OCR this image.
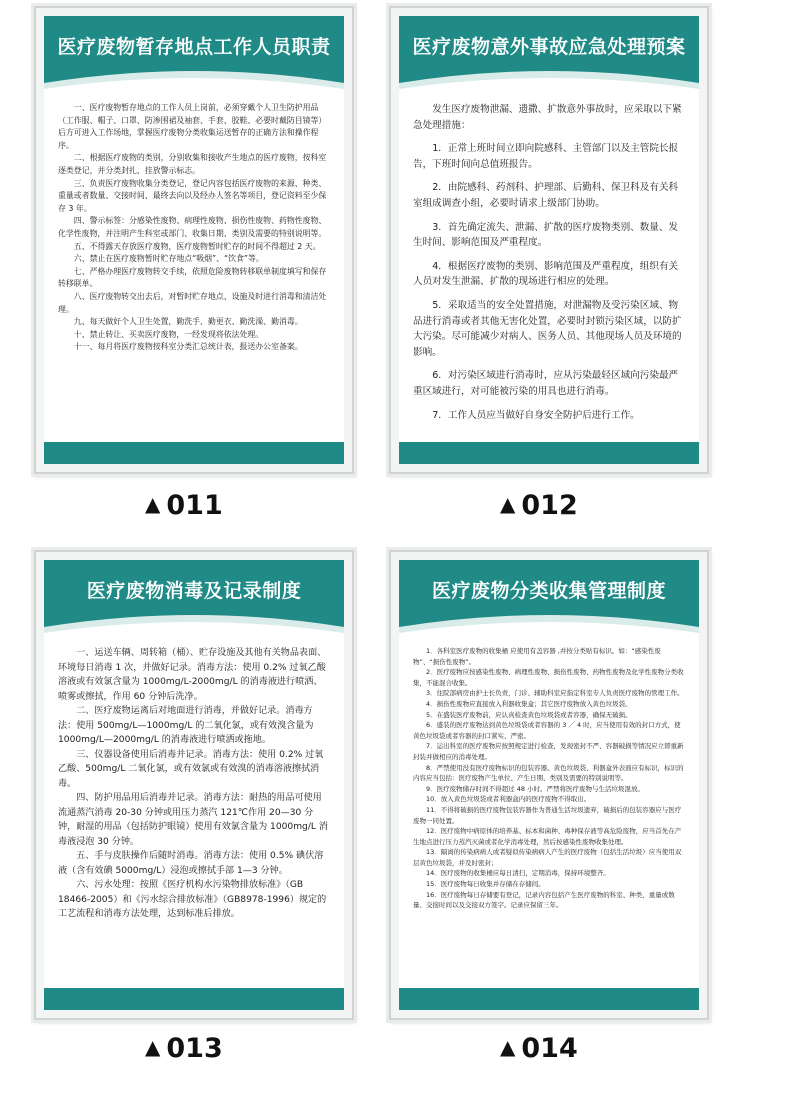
医疗废物暂存地点工作人员职责

一、医疗废物暂存地点的工作人员上岗前，必须穿戴个人卫生防护用品（工作服、帽子、口罩、防渗围裙及袖套、手套、胶鞋、必要时戴防目镜等）后方可进入工作场地，掌握医疗废物分类收集运送暂存的正确方法和操作程序。

二、根据医疗废物的类别，分别收集和接收产生地点的医疗废物，按科室逐类登记，并分类封扎，挂放警示标志。

三、负责医疗废物收集分类登记，登记内容包括医疗废物的来源、种类、重量或者数量、交接时间、最终去向以及经办人签名等项目，登记资料至少保存 3 年。

四、警示标签：分感染性废物、病理性废物、损伤性废物、药物性废物、化学性废物，并注明产生科室或部门、收集日期、类别及需要的特别说明等。

五、不得露天存放医疗废物，医疗废物暂时贮存的时间不得超过 2 天。

六、禁止在医疗废物暂时贮存地点“吸烟”、“饮食”等。

七、严格办理医疗废物转交手续，依照危险废物转移联单制度填写和保存转移联单。

八、医疗废物转交出去后，对暂时贮存地点、设施及时进行消毒和清洁处理。

九、每天做好个人卫生处置，勤洗手、勤更衣、勤洗澡、勤消毒。

十、禁止转让、买卖医疗废物，一经发现将依法处理。

十一、每月将医疗废物按科室分类汇总统计表，报送办公室备案。

医疗废物意外事故应急处理预案

发生医疗废物泄漏、遗撒、扩散意外事故时，应采取以下紧急处理措施：

1．正常上班时间立即向院感科、主管部门以及主管院长报告，下班时间向总值班报告。

2．由院感科、药剂科、护理部、后勤科、保卫科及有关科室组成调查小组，必要时请求上级部门协助。

3．首先确定流失、泄漏、扩散的医疗废物类别、数量、发生时间、影响范围及严重程度。

4．根据医疗废物的类别、影响范围及严重程度，组织有关人员对发生泄漏、扩散的现场进行相应的处理。

5．采取适当的安全处置措施，对泄漏物及受污染区域、物品进行消毒或者其他无害化处置，必要时封锁污染区域，以防扩大污染。尽可能减少对病人、医务人员、其他现场人员及环境的影响。

6．对污染区域进行消毒时，应从污染最轻区域向污染最严重区域进行，对可能被污染的用具也进行消毒。

7．工作人员应当做好自身安全防护后进行工作。

医疗废物消毒及记录制度

一、运送车辆、周转箱（桶）、贮存设施及其他有关物品表面、环境每日消毒 1 次，并做好记录。消毒方法：使用 0.2% 过氧乙酸溶液或有效氯含量为 1000mg/L-2000mg/L 的消毒液进行喷洒、喷雾或擦拭，作用 60 分钟后洗净。

二、医疗废物运离后对地面进行消毒，并做好记录。消毒方法：使用 500mg/L—1000mg/L 的二氧化氯，或有效溴含量为 1000mg/L—2000mg/L 的消毒液进行喷洒或拖地。

三、仪器设备使用后消毒并记录。消毒方法：使用 0.2% 过氧乙酸、500mg/L 二氧化氯，或有效氯或有效溴的消毒溶液擦拭消毒。

四、防护用品用后消毒并记录。消毒方法：耐热的用品可使用流通蒸汽消毒 20-30 分钟或用压力蒸汽 121℃作用 20—30 分钟，耐湿的用品（包括防护眼镜）使用有效氯含量为 1000mg/L 消毒液浸泡 30 分钟。

五、手与皮肤操作后随时消毒。消毒方法：使用 0.5% 碘伏溶液（含有效碘 5000mg/L）浸泡或擦拭手部 1—3 分钟。

六、污水处理：按照《医疗机构水污染物排放标准》（GB 18466-2005）和《污水综合排放标准》（GB8978-1996）规定的工艺流程和消毒方法处理，达到标准后排放。

医疗废物分类收集管理制度

1．各科室医疗废物的收集桶 应使用有盖容器 ,并按分类贴有标识。如：“感染性废物”、“损伤性废物”。

2．医疗废物应按感染性废物、病理性废物、损伤性废物、药物性废物及化学性废物分类收集，不能混合收集。

3．住院部病房由护士长负责，门诊、辅助科室应指定科室专人负责医疗废物的管理工作。

4．损伤性废物应直接放入利器收集盒；其它医疗废物放入黄色垃圾袋。

5．在盛装医疗废物前，应认真检查黄色垃圾袋或者容器，确保无破损。

6．盛装的医疗废物达到黄色垃圾袋或者容器的 3 ／ 4 时，应当使用有效的封口方式，使黄色垃圾袋或者容器的封口紧实、严密。

7．运出科室的医疗废物应按照规定进行检查，发现密封不严、容器破损等情况应立即重新封装并做相应的消毒处理。

8．严禁使用没有医疗废物标识的包装容器。黄色垃圾袋、利器盒外表面应有标识，标识的内容应当包括：医疗废物产生单位、产生日期、类别及需要的特别说明等。

9．医疗废物储存时间不得超过 48 小时。严禁将医疗废物与生活垃圾混放。

10．放入黄色垃圾袋或者利器盒内的医疗废物不得取出。

11．不得将破损的医疗废物包装容器作为普通生活垃圾遗弃，破损后的包装容器应与医疗废物一同处置。

12．医疗废物中病原体的培养基、标本和菌种、毒种保存液等高危险废物，应当首先在产生地点进行压力蒸汽灭菌或者化学消毒处理，然后按感染性废物收集处理。

13．隔离的传染病病人或者疑似传染病病人产生的医疗废物（包括生活垃圾）应当使用双层黄色垃圾袋，并及时密封；

14．医疗废物的收集桶应每日清扫，定期消毒，保持环境整齐。

15．医疗废物每日收集并存储在存储间。

16．医疗废物每日存储要有登记，记录内容包括产生医疗废物的科室、种类、重量或数量、交接时间以及交接双方签字。记录应保留三年。

▲ 011	▲ 012
▲ 013	▲ 014
